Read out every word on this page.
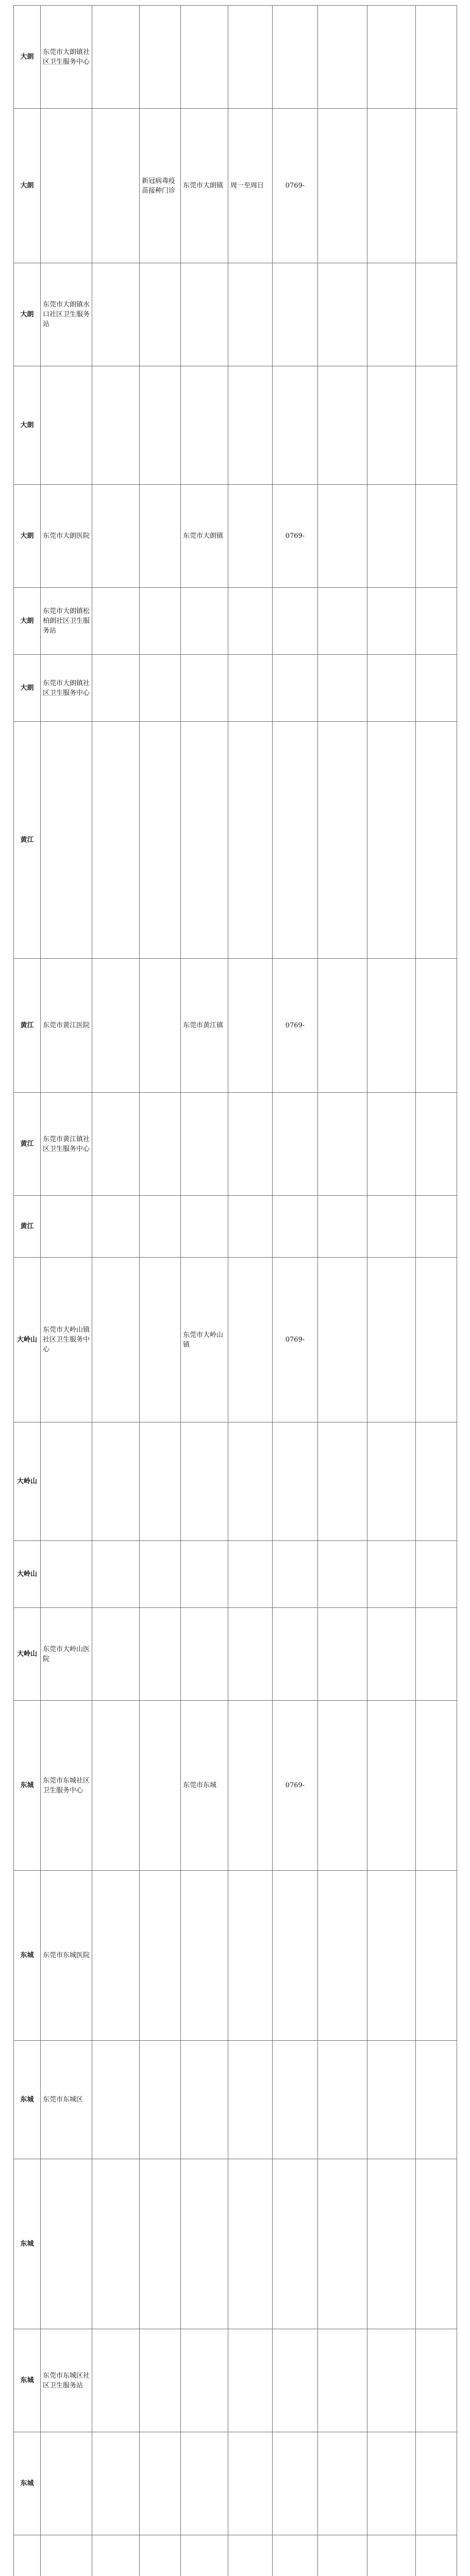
大朗	东莞市大朗镇社区卫生服务中心								
大朗			新冠病毒疫苗接种门诊	东莞市大朗镇	周一至周日	0769-			
大朗	东莞市大朗镇水口社区卫生服务站								
大朗									
大朗	东莞市大朗医院			东莞市大朗镇		0769-			
大朗	东莞市大朗镇松柏朗社区卫生服务站								
大朗	东莞市大朗镇社区卫生服务中心								
黄江									
黄江	东莞市黄江医院			东莞市黄江镇		0769-			
黄江	东莞市黄江镇社区卫生服务中心								
黄江									
大岭山	东莞市大岭山镇社区卫生服务中心			东莞市大岭山镇		0769-			
大岭山									
大岭山									
大岭山	东莞市大岭山医院								
东城	东莞市东城社区卫生服务中心			东莞市东城		0769-			
东城	东莞市东城医院								
东城	东莞市东城区								
东城									
东城	东莞市东城区社区卫生服务站								
东城									
